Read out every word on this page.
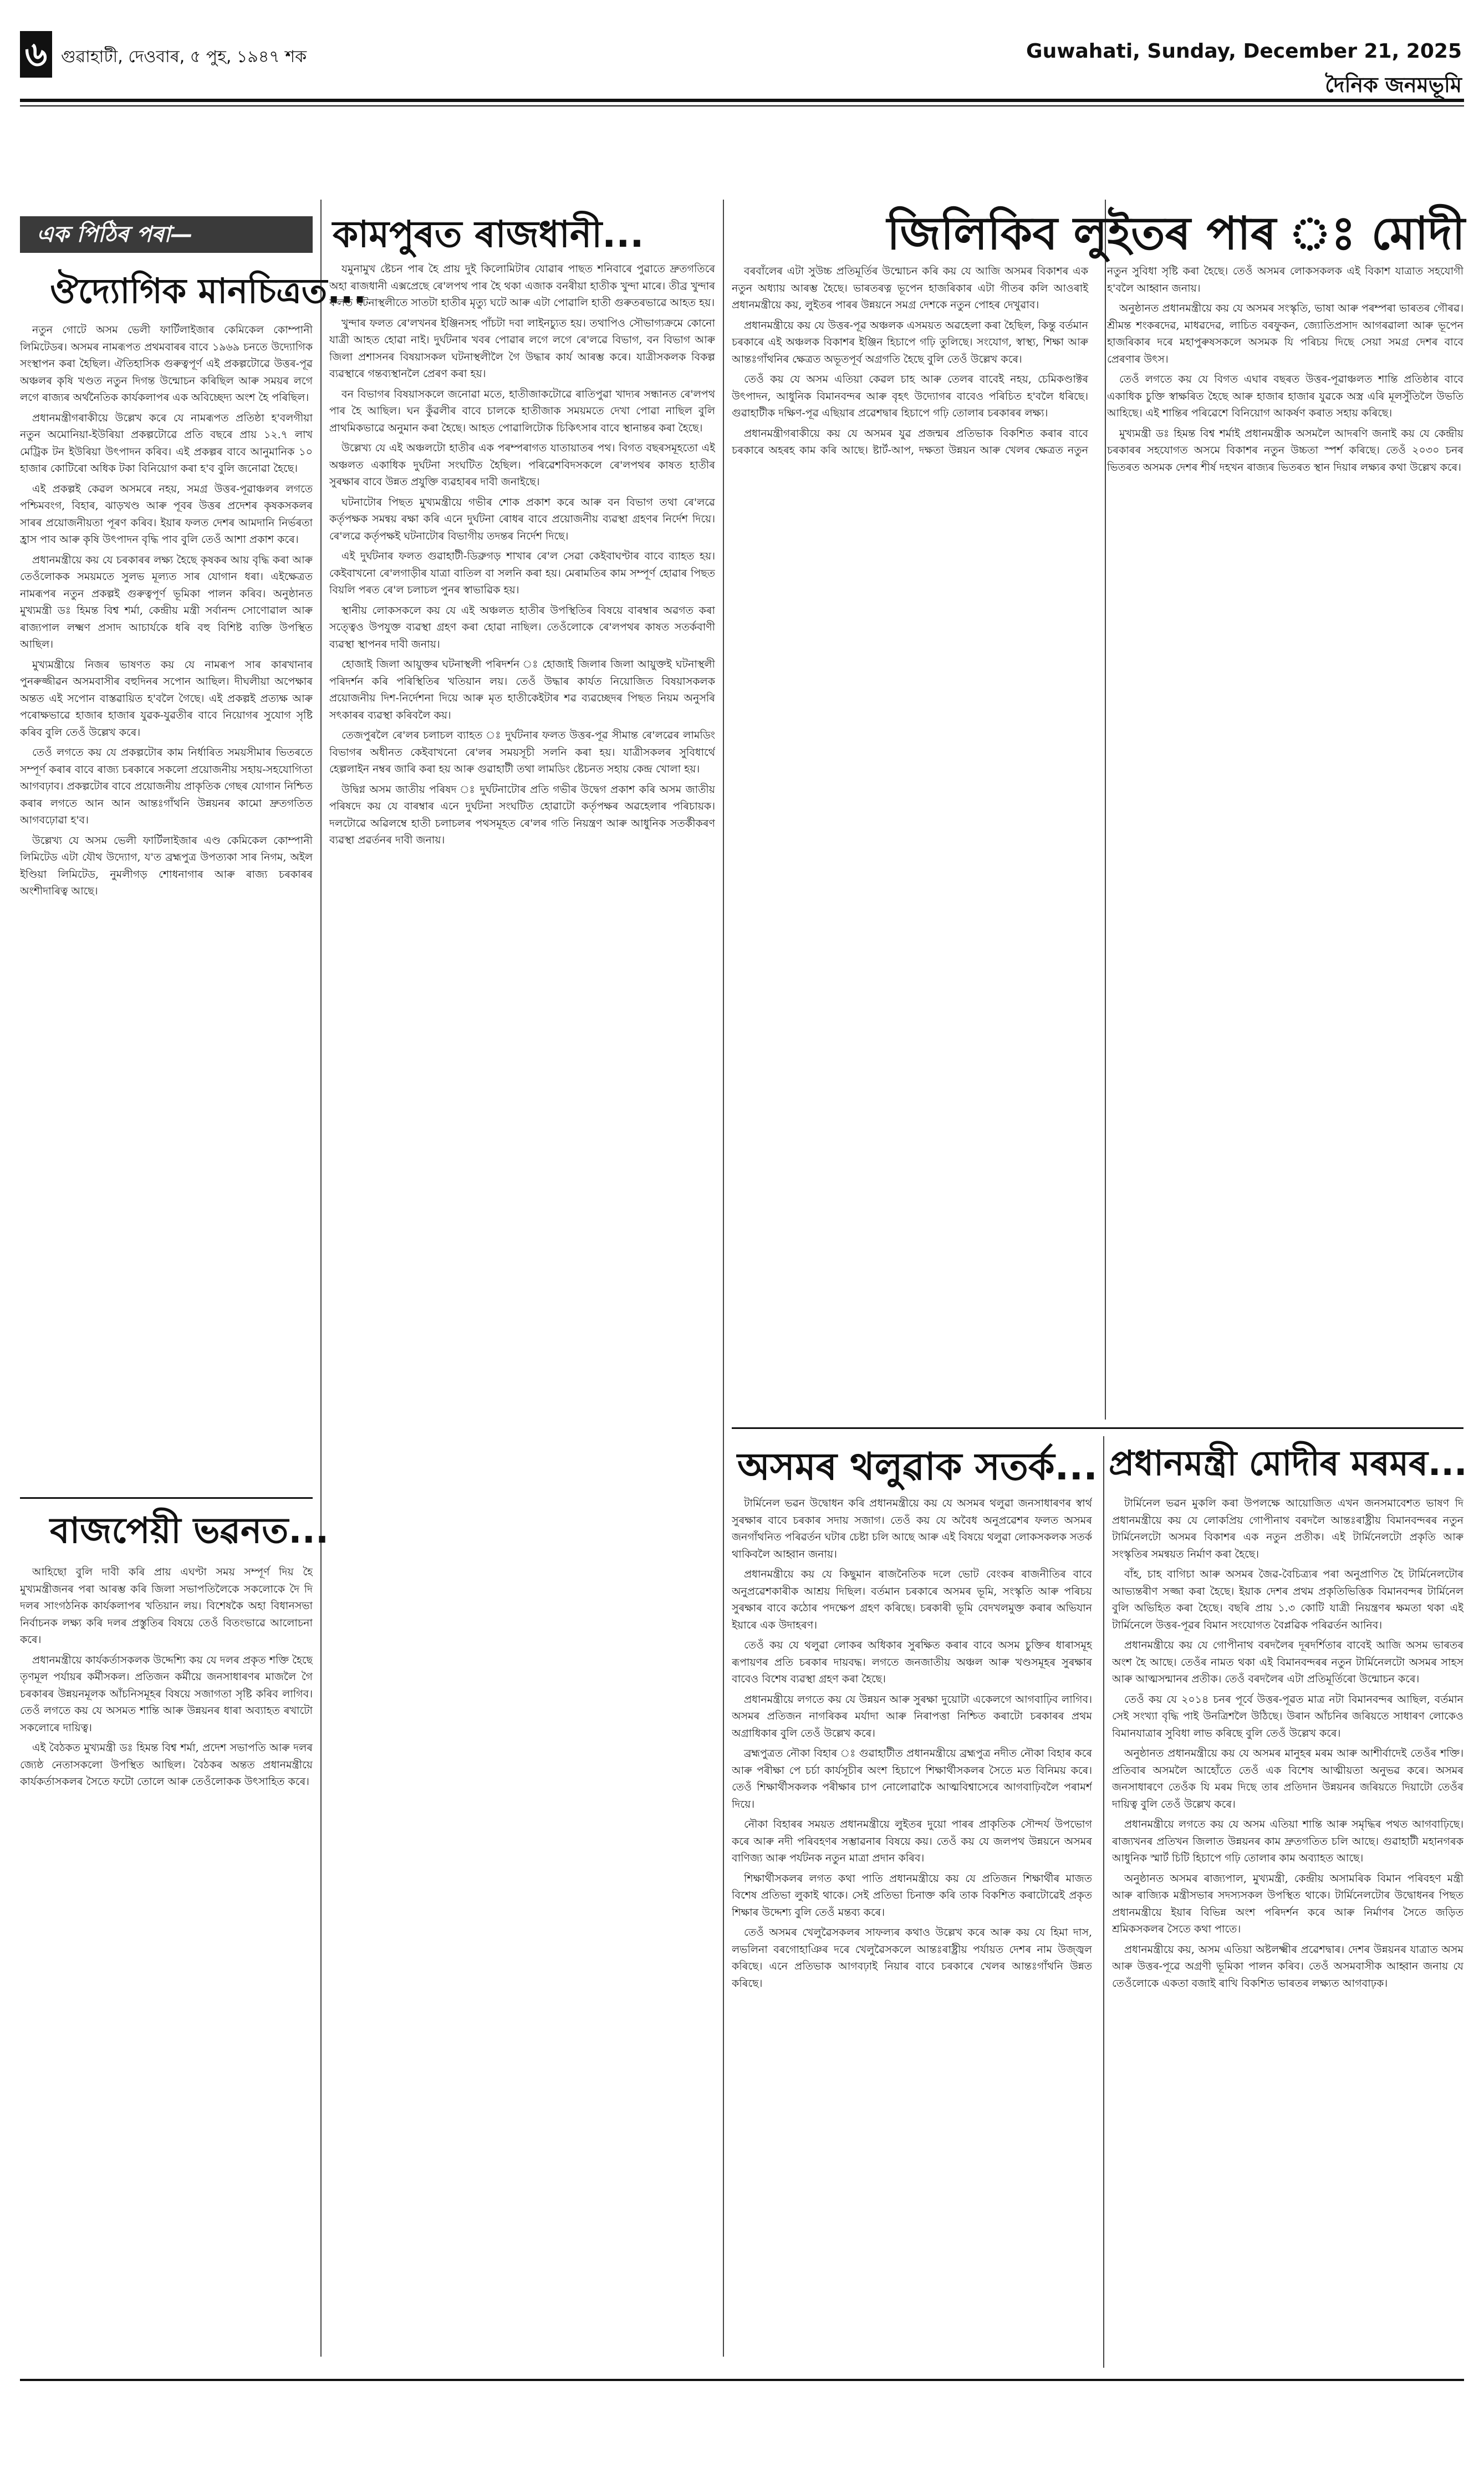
৬ গুৱাহাটী, দেওবাৰ, ৫ পুহ, ১৯৪৭ শক	Guwahati, Sunday, December 21, 2025
দৈনিক জনমভূমি
এক পিঠিৰ পৰা—
ঔদ্যোগিক মানচিত্ৰত...

নতুন গোটে অসম ভেলী ফাৰ্টিলাইজাৰ কেমিকেল কোম্পানী লিমিটেডৰ। অসমৰ নামৰূপত প্ৰথমবাৰৰ বাবে ১৯৬৯ চনতে উদ্যোগিক সংস্থাপন কৰা হৈছিল। ঐতিহাসিক গুৰুত্বপূৰ্ণ এই প্ৰকল্পটোৱে উত্তৰ-পূৱ অঞ্চলৰ কৃষি খণ্ডত নতুন দিগন্ত উন্মোচন কৰিছিল আৰু সময়ৰ লগে লগে ৰাজ্যৰ অৰ্থনৈতিক কাৰ্যকলাপৰ এক অবিচ্ছেদ্য অংশ হৈ পৰিছিল।

প্ৰধানমন্ত্ৰীগৰাকীয়ে উল্লেখ কৰে যে নামৰূপত প্ৰতিষ্ঠা হ'বলগীয়া নতুন অমোনিয়া-ইউৰিয়া প্ৰকল্পটোৱে প্ৰতি বছৰে প্ৰায় ১২.৭ লাখ মেট্ৰিক টন ইউৰিয়া উৎপাদন কৰিব। এই প্ৰকল্পৰ বাবে আনুমানিক ১০ হাজাৰ কোটিৰো অধিক টকা বিনিয়োগ কৰা হ'ব বুলি জনোৱা হৈছে।

এই প্ৰকল্পই কেৱল অসমৰে নহয়, সমগ্ৰ উত্তৰ-পূৱাঞ্চলৰ লগতে পশ্চিমবংগ, বিহাৰ, ঝাড়খণ্ড আৰু পূবৰ উত্তৰ প্ৰদেশৰ কৃষকসকলৰ সাৰৰ প্ৰয়োজনীয়তা পূৰণ কৰিব। ইয়াৰ ফলত দেশৰ আমদানি নিৰ্ভৰতা হ্ৰাস পাব আৰু কৃষি উৎপাদন বৃদ্ধি পাব বুলি তেওঁ আশা প্ৰকাশ কৰে।

প্ৰধানমন্ত্ৰীয়ে কয় যে চৰকাৰৰ লক্ষ্য হৈছে কৃষকৰ আয় বৃদ্ধি কৰা আৰু তেওঁলোকক সময়মতে সুলভ মূল্যত সাৰ যোগান ধৰা। এইক্ষেত্ৰত নামৰূপৰ নতুন প্ৰকল্পই গুৰুত্বপূৰ্ণ ভূমিকা পালন কৰিব। অনুষ্ঠানত মুখ্যমন্ত্ৰী ডঃ হিমন্ত বিশ্ব শৰ্মা, কেন্দ্ৰীয় মন্ত্ৰী সৰ্বানন্দ সোণোৱাল আৰু ৰাজ্যপাল লক্ষ্মণ প্ৰসাদ আচাৰ্যকে ধৰি বহু বিশিষ্ট ব্যক্তি উপস্থিত আছিল।

মুখ্যমন্ত্ৰীয়ে নিজৰ ভাষণত কয় যে নামৰূপ সাৰ কাৰখানাৰ পুনৰুজ্জীৱন অসমবাসীৰ বহুদিনৰ সপোন আছিল। দীঘলীয়া অপেক্ষাৰ অন্তত এই সপোন বাস্তৱায়িত হ'বলৈ গৈছে। এই প্ৰকল্পই প্ৰত্যক্ষ আৰু পৰোক্ষভাৱে হাজাৰ হাজাৰ যুৱক-যুৱতীৰ বাবে নিয়োগৰ সুযোগ সৃষ্টি কৰিব বুলি তেওঁ উল্লেখ কৰে।

তেওঁ লগতে কয় যে প্ৰকল্পটোৰ কাম নিৰ্ধাৰিত সময়সীমাৰ ভিতৰতে সম্পূৰ্ণ কৰাৰ বাবে ৰাজ্য চৰকাৰে সকলো প্ৰয়োজনীয় সহায়-সহযোগিতা আগবঢ়াব। প্ৰকল্পটোৰ বাবে প্ৰয়োজনীয় প্ৰাকৃতিক গেছৰ যোগান নিশ্চিত কৰাৰ লগতে আন আন আন্তঃগাঁথনি উন্নয়নৰ কামো দ্ৰুতগতিত আগবঢ়োৱা হ'ব।

উল্লেখ্য যে অসম ভেলী ফাৰ্টিলাইজাৰ এণ্ড কেমিকেল কোম্পানী লিমিটেড এটা যৌথ উদ্যোগ, য'ত ব্ৰহ্মপুত্ৰ উপত্যকা সাৰ নিগম, অইল ইণ্ডিয়া লিমিটেড, নুমলীগড় শোধনাগাৰ আৰু ৰাজ্য চৰকাৰৰ অংশীদাৰিত্ব আছে।

বাজপেয়ী ভৱনত...

আহিছো বুলি দাবী কৰি প্ৰায় এঘণ্টা সময় সম্পূৰ্ণ দিয় হৈ মুখ্যমন্ত্ৰীজনৰ পৰা আৰম্ভ কৰি জিলা সভাপতিলৈকে সকলোকে দৈ দি দলৰ সাংগঠনিক কাৰ্যকলাপৰ খতিয়ান লয়। বিশেষকৈ অহা বিধানসভা নিৰ্বাচনক লক্ষ্য কৰি দলৰ প্ৰস্তুতিৰ বিষয়ে তেওঁ বিতংভাৱে আলোচনা কৰে।

প্ৰধানমন্ত্ৰীয়ে কাৰ্যকৰ্তাসকলক উদ্দেশ্যি কয় যে দলৰ প্ৰকৃত শক্তি হৈছে তৃণমূল পৰ্যায়ৰ কৰ্মীসকল। প্ৰতিজন কৰ্মীয়ে জনসাধাৰণৰ মাজলৈ গৈ চৰকাৰৰ উন্নয়নমূলক আঁচনিসমূহৰ বিষয়ে সজাগতা সৃষ্টি কৰিব লাগিব। তেওঁ লগতে কয় যে অসমত শান্তি আৰু উন্নয়নৰ ধাৰা অব্যাহত ৰখাটো সকলোৰে দায়িত্ব।

এই বৈঠকত মুখ্যমন্ত্ৰী ডঃ হিমন্ত বিশ্ব শৰ্মা, প্ৰদেশ সভাপতি আৰু দলৰ জ্যেষ্ঠ নেতাসকলো উপস্থিত আছিল। বৈঠকৰ অন্তত প্ৰধানমন্ত্ৰীয়ে কাৰ্যকৰ্তাসকলৰ সৈতে ফটো তোলে আৰু তেওঁলোকক উৎসাহিত কৰে।

কামপুৰত ৰাজধানী...

যমুনামুখ ষ্টেচন পাৰ হৈ প্ৰায় দুই কিলোমিটাৰ যোৱাৰ পাছত শনিবাৰে পুৱাতে দ্ৰুতগতিৰে অহা ৰাজধানী এক্সপ্ৰেছে ৰে'লপথ পাৰ হৈ থকা এজাক বনৰীয়া হাতীক খুন্দা মাৰে। তীব্ৰ খুন্দাৰ ফলত ঘটনাস্থলীতে সাতটা হাতীৰ মৃত্যু ঘটে আৰু এটা পোৱালি হাতী গুৰুতৰভাৱে আহত হয়।

খুন্দাৰ ফলত ৰে'লখনৰ ইঞ্জিনসহ পাঁচটা দবা লাইনচ্যুত হয়। তথাপিও সৌভাগ্যক্ৰমে কোনো যাত্ৰী আহত হোৱা নাই। দুৰ্ঘটনাৰ খবৰ পোৱাৰ লগে লগে ৰে'লৱে বিভাগ, বন বিভাগ আৰু জিলা প্ৰশাসনৰ বিষয়াসকল ঘটনাস্থলীলৈ গৈ উদ্ধাৰ কাৰ্য আৰম্ভ কৰে। যাত্ৰীসকলক বিকল্প ব্যৱস্থাৰে গন্তব্যস্থানলৈ প্ৰেৰণ কৰা হয়।

বন বিভাগৰ বিষয়াসকলে জনোৱা মতে, হাতীজাকটোৱে ৰাতিপুৱা খাদ্যৰ সন্ধানত ৰে'লপথ পাৰ হৈ আছিল। ঘন কুঁৱলীৰ বাবে চালকে হাতীজাক সময়মতে দেখা পোৱা নাছিল বুলি প্ৰাথমিকভাৱে অনুমান কৰা হৈছে। আহত পোৱালিটোক চিকিৎসাৰ বাবে স্থানান্তৰ কৰা হৈছে।

উল্লেখ্য যে এই অঞ্চলটো হাতীৰ এক পৰম্পৰাগত যাতায়াতৰ পথ। বিগত বছৰসমূহতো এই অঞ্চলত একাধিক দুৰ্ঘটনা সংঘটিত হৈছিল। পৰিৱেশবিদসকলে ৰে'লপথৰ কাষত হাতীৰ সুৰক্ষাৰ বাবে উন্নত প্ৰযুক্তি ব্যৱহাৰৰ দাবী জনাইছে।

ঘটনাটোৰ পিছত মুখ্যমন্ত্ৰীয়ে গভীৰ শোক প্ৰকাশ কৰে আৰু বন বিভাগ তথা ৰে'লৱে কৰ্তৃপক্ষক সমন্বয় ৰক্ষা কৰি এনে দুৰ্ঘটনা ৰোধৰ বাবে প্ৰয়োজনীয় ব্যৱস্থা গ্ৰহণৰ নিৰ্দেশ দিয়ে। ৰে'লৱে কৰ্তৃপক্ষই ঘটনাটোৰ বিভাগীয় তদন্তৰ নিৰ্দেশ দিছে।

এই দুৰ্ঘটনাৰ ফলত গুৱাহাটী-ডিব্ৰুগড় শাখাৰ ৰে'ল সেৱা কেইবাঘণ্টাৰ বাবে ব্যাহত হয়। কেইবাখনো ৰে'লগাড়ীৰ যাত্ৰা বাতিল বা সলনি কৰা হয়। মেৰামতিৰ কাম সম্পূৰ্ণ হোৱাৰ পিছত বিয়লি পৰত ৰে'ল চলাচল পুনৰ স্বাভাৱিক হয়।

স্থানীয় লোকসকলে কয় যে এই অঞ্চলত হাতীৰ উপস্থিতিৰ বিষয়ে বাৰম্বাৰ অৱগত কৰা সত্ত্বেও উপযুক্ত ব্যৱস্থা গ্ৰহণ কৰা হোৱা নাছিল। তেওঁলোকে ৰে'লপথৰ কাষত সতৰ্কবাণী ব্যৱস্থা স্থাপনৰ দাবী জনায়।

হোজাই জিলা আয়ুক্তৰ ঘটনাস্থলী পৰিদৰ্শন ঃ হোজাই জিলাৰ জিলা আয়ুক্তই ঘটনাস্থলী পৰিদৰ্শন কৰি পৰিস্থিতিৰ খতিয়ান লয়। তেওঁ উদ্ধাৰ কাৰ্যত নিয়োজিত বিষয়াসকলক প্ৰয়োজনীয় দিশ-নিৰ্দেশনা দিয়ে আৰু মৃত হাতীকেইটাৰ শৱ ব্যৱচ্ছেদৰ পিছত নিয়ম অনুসৰি সৎকাৰৰ ব্যৱস্থা কৰিবলৈ কয়।

তেজপুৰলৈ ৰে'লৰ চলাচল ব্যাহত ঃ দুৰ্ঘটনাৰ ফলত উত্তৰ-পূৱ সীমান্ত ৰে'লৱেৰ লামডিং বিভাগৰ অধীনত কেইবাখনো ৰে'লৰ সময়সূচী সলনি কৰা হয়। যাত্ৰীসকলৰ সুবিধাৰ্থে হেল্পলাইন নম্বৰ জাৰি কৰা হয় আৰু গুৱাহাটী তথা লামডিং ষ্টেচনত সহায় কেন্দ্ৰ খোলা হয়।

উদ্বিগ্ন অসম জাতীয় পৰিষদ ঃ দুৰ্ঘটনাটোৰ প্ৰতি গভীৰ উদ্বেগ প্ৰকাশ কৰি অসম জাতীয় পৰিষদে কয় যে বাৰম্বাৰ এনে দুৰ্ঘটনা সংঘটিত হোৱাটো কৰ্তৃপক্ষৰ অৱহেলাৰ পৰিচায়ক। দলটোৱে অৱিলম্বে হাতী চলাচলৰ পথসমূহত ৰে'লৰ গতি নিয়ন্ত্ৰণ আৰু আধুনিক সতৰ্কীকৰণ ব্যৱস্থা প্ৰৱৰ্তনৰ দাবী জনায়।

জিলিকিব লুইতৰ পাৰ ঃ মোদী

বৰবাঁলেৰ এটা সুউচ্চ প্ৰতিমূৰ্তিৰ উন্মোচন কৰি কয় যে আজি অসমৰ বিকাশৰ এক নতুন অধ্যায় আৰম্ভ হৈছে। ভাৰতৰত্ন ভূপেন হাজৰিকাৰ এটা গীতৰ কলি আওৰাই প্ৰধানমন্ত্ৰীয়ে কয়, লুইতৰ পাৰৰ উন্নয়নে সমগ্ৰ দেশকে নতুন পোহৰ দেখুৱাব।

প্ৰধানমন্ত্ৰীয়ে কয় যে উত্তৰ-পূৱ অঞ্চলক এসময়ত অৱহেলা কৰা হৈছিল, কিন্তু বৰ্তমান চৰকাৰে এই অঞ্চলক বিকাশৰ ইঞ্জিন হিচাপে গঢ়ি তুলিছে। সংযোগ, স্বাস্থ্য, শিক্ষা আৰু আন্তঃগাঁথনিৰ ক্ষেত্ৰত অভূতপূৰ্ব অগ্ৰগতি হৈছে বুলি তেওঁ উল্লেখ কৰে।

তেওঁ কয় যে অসম এতিয়া কেৱল চাহ আৰু তেলৰ বাবেই নহয়, চেমিকণ্ডাক্টৰ উৎপাদন, আধুনিক বিমানবন্দৰ আৰু বৃহৎ উদ্যোগৰ বাবেও পৰিচিত হ'বলৈ ধৰিছে। গুৱাহাটীক দক্ষিণ-পূৱ এছিয়াৰ প্ৰৱেশদ্বাৰ হিচাপে গঢ়ি তোলাৰ চৰকাৰৰ লক্ষ্য।

প্ৰধানমন্ত্ৰীগৰাকীয়ে কয় যে অসমৰ যুৱ প্ৰজন্মৰ প্ৰতিভাক বিকশিত কৰাৰ বাবে চৰকাৰে অহৰহ কাম কৰি আছে। ষ্টাৰ্ট-আপ, দক্ষতা উন্নয়ন আৰু খেলৰ ক্ষেত্ৰত নতুন নতুন সুবিধা সৃষ্টি কৰা হৈছে। তেওঁ অসমৰ লোকসকলক এই বিকাশ যাত্ৰাত সহযোগী হ'বলৈ আহ্বান জনায়।

অনুষ্ঠানত প্ৰধানমন্ত্ৰীয়ে কয় যে অসমৰ সংস্কৃতি, ভাষা আৰু পৰম্পৰা ভাৰতৰ গৌৰৱ। শ্ৰীমন্ত শংকৰদেৱ, মাধৱদেৱ, লাচিত বৰফুকন, জ্যোতিপ্ৰসাদ আগৰৱালা আৰু ভূপেন হাজৰিকাৰ দৰে মহাপুৰুষসকলে অসমক যি পৰিচয় দিছে সেয়া সমগ্ৰ দেশৰ বাবে প্ৰেৰণাৰ উৎস।

তেওঁ লগতে কয় যে বিগত এঘাৰ বছৰত উত্তৰ-পূৱাঞ্চলত শান্তি প্ৰতিষ্ঠাৰ বাবে একাধিক চুক্তি স্বাক্ষৰিত হৈছে আৰু হাজাৰ হাজাৰ যুৱকে অস্ত্ৰ এৰি মূলসুঁতিলৈ উভতি আহিছে। এই শান্তিৰ পৰিৱেশে বিনিয়োগ আকৰ্ষণ কৰাত সহায় কৰিছে।

মুখ্যমন্ত্ৰী ডঃ হিমন্ত বিশ্ব শৰ্মাই প্ৰধানমন্ত্ৰীক অসমলৈ আদৰণি জনাই কয় যে কেন্দ্ৰীয় চৰকাৰৰ সহযোগত অসমে বিকাশৰ নতুন উচ্চতা স্পৰ্শ কৰিছে। তেওঁ ২০৩০ চনৰ ভিতৰত অসমক দেশৰ শীৰ্ষ দহখন ৰাজ্যৰ ভিতৰত স্থান দিয়াৰ লক্ষ্যৰ কথা উল্লেখ কৰে।

অসমৰ থলুৱাক সতৰ্ক...

টাৰ্মিনেল ভৱন উদ্বোধন কৰি প্ৰধানমন্ত্ৰীয়ে কয় যে অসমৰ থলুৱা জনসাধাৰণৰ স্বাৰ্থ সুৰক্ষাৰ বাবে চৰকাৰ সদায় সজাগ। তেওঁ কয় যে অবৈধ অনুপ্ৰৱেশৰ ফলত অসমৰ জনগাঁথনিত পৰিৱৰ্তন ঘটাৰ চেষ্টা চলি আছে আৰু এই বিষয়ে থলুৱা লোকসকলক সতৰ্ক থাকিবলৈ আহ্বান জনায়।

প্ৰধানমন্ত্ৰীয়ে কয় যে কিছুমান ৰাজনৈতিক দলে ভোট বেংকৰ ৰাজনীতিৰ বাবে অনুপ্ৰৱেশকাৰীক আশ্ৰয় দিছিল। বৰ্তমান চৰকাৰে অসমৰ ভূমি, সংস্কৃতি আৰু পৰিচয় সুৰক্ষাৰ বাবে কঠোৰ পদক্ষেপ গ্ৰহণ কৰিছে। চৰকাৰী ভূমি বেদখলমুক্ত কৰাৰ অভিযান ইয়াৰে এক উদাহৰণ।

তেওঁ কয় যে থলুৱা লোকৰ অধিকাৰ সুৰক্ষিত কৰাৰ বাবে অসম চুক্তিৰ ধাৰাসমূহ ৰূপায়ণৰ প্ৰতি চৰকাৰ দায়বদ্ধ। লগতে জনজাতীয় অঞ্চল আৰু খণ্ডসমূহৰ সুৰক্ষাৰ বাবেও বিশেষ ব্যৱস্থা গ্ৰহণ কৰা হৈছে।

প্ৰধানমন্ত্ৰীয়ে লগতে কয় যে উন্নয়ন আৰু সুৰক্ষা দুয়োটা একেলগে আগবাঢ়িব লাগিব। অসমৰ প্ৰতিজন নাগৰিকৰ মৰ্যাদা আৰু নিৰাপত্তা নিশ্চিত কৰাটো চৰকাৰৰ প্ৰথম অগ্ৰাধিকাৰ বুলি তেওঁ উল্লেখ কৰে।

ব্ৰহ্মপুত্ৰত নৌকা বিহাৰ ঃ গুৱাহাটীত প্ৰধানমন্ত্ৰীয়ে ব্ৰহ্মপুত্ৰ নদীত নৌকা বিহাৰ কৰে আৰু পৰীক্ষা পে চৰ্চা কাৰ্যসূচীৰ অংশ হিচাপে শিক্ষাৰ্থীসকলৰ সৈতে মত বিনিময় কৰে। তেওঁ শিক্ষাৰ্থীসকলক পৰীক্ষাৰ চাপ নোলোৱাকৈ আত্মবিশ্বাসেৰে আগবাঢ়িবলৈ পৰামৰ্শ দিয়ে।

নৌকা বিহাৰৰ সময়ত প্ৰধানমন্ত্ৰীয়ে লুইতৰ দুয়ো পাৰৰ প্ৰাকৃতিক সৌন্দৰ্য উপভোগ কৰে আৰু নদী পৰিবহণৰ সম্ভাৱনাৰ বিষয়ে কয়। তেওঁ কয় যে জলপথ উন্নয়নে অসমৰ বাণিজ্য আৰু পৰ্যটনক নতুন মাত্ৰা প্ৰদান কৰিব।

শিক্ষাৰ্থীসকলৰ লগত কথা পাতি প্ৰধানমন্ত্ৰীয়ে কয় যে প্ৰতিজন শিক্ষাৰ্থীৰ মাজত বিশেষ প্ৰতিভা লুকাই থাকে। সেই প্ৰতিভা চিনাক্ত কৰি তাক বিকশিত কৰাটোৱেই প্ৰকৃত শিক্ষাৰ উদ্দেশ্য বুলি তেওঁ মন্তব্য কৰে।

তেওঁ অসমৰ খেলুৱৈসকলৰ সাফল্যৰ কথাও উল্লেখ কৰে আৰু কয় যে হিমা দাস, লভলিনা বৰগোহাঞিৰ দৰে খেলুৱৈসকলে আন্তঃৰাষ্ট্ৰীয় পৰ্যায়ত দেশৰ নাম উজ্জ্বল কৰিছে। এনে প্ৰতিভাক আগবঢ়াই নিয়াৰ বাবে চৰকাৰে খেলৰ আন্তঃগাঁথনি উন্নত কৰিছে।

প্ৰধানমন্ত্ৰী মোদীৰ মৰমৰ...

টাৰ্মিনেল ভৱন মুকলি কৰা উপলক্ষে আয়োজিত এখন জনসমাবেশত ভাষণ দি প্ৰধানমন্ত্ৰীয়ে কয় যে লোকপ্ৰিয় গোপীনাথ বৰদলৈ আন্তঃৰাষ্ট্ৰীয় বিমানবন্দৰৰ নতুন টাৰ্মিনেলটো অসমৰ বিকাশৰ এক নতুন প্ৰতীক। এই টাৰ্মিনেলটো প্ৰকৃতি আৰু সংস্কৃতিৰ সমন্বয়ত নিৰ্মাণ কৰা হৈছে।

বাঁহ, চাহ বাগিচা আৰু অসমৰ জৈৱ-বৈচিত্ৰ্যৰ পৰা অনুপ্ৰাণিত হৈ টাৰ্মিনেলটোৰ আভ্যন্তৰীণ সজ্জা কৰা হৈছে। ইয়াক দেশৰ প্ৰথম প্ৰকৃতিভিত্তিক বিমানবন্দৰ টাৰ্মিনেল বুলি অভিহিত কৰা হৈছে। বছৰি প্ৰায় ১.৩ কোটি যাত্ৰী নিয়ন্ত্ৰণৰ ক্ষমতা থকা এই টাৰ্মিনেলে উত্তৰ-পূৱৰ বিমান সংযোগত বৈপ্লৱিক পৰিৱৰ্তন আনিব।

প্ৰধানমন্ত্ৰীয়ে কয় যে গোপীনাথ বৰদলৈৰ দূৰদৰ্শিতাৰ বাবেই আজি অসম ভাৰতৰ অংশ হৈ আছে। তেওঁৰ নামত থকা এই বিমানবন্দৰৰ নতুন টাৰ্মিনেলটো অসমৰ সাহস আৰু আত্মসন্মানৰ প্ৰতীক। তেওঁ বৰদলৈৰ এটা প্ৰতিমূৰ্তিৰো উন্মোচন কৰে।

তেওঁ কয় যে ২০১৪ চনৰ পূৰ্বে উত্তৰ-পূৱত মাত্ৰ নটা বিমানবন্দৰ আছিল, বৰ্তমান সেই সংখ্যা বৃদ্ধি পাই উনত্ৰিশলৈ উঠিছে। উৰান আঁচনিৰ জৰিয়তে সাধাৰণ লোকেও বিমানযাত্ৰাৰ সুবিধা লাভ কৰিছে বুলি তেওঁ উল্লেখ কৰে।

অনুষ্ঠানত প্ৰধানমন্ত্ৰীয়ে কয় যে অসমৰ মানুহৰ মৰম আৰু আশীৰ্বাদেই তেওঁৰ শক্তি। প্ৰতিবাৰ অসমলৈ আহোঁতে তেওঁ এক বিশেষ আত্মীয়তা অনুভৱ কৰে। অসমৰ জনসাধাৰণে তেওঁক যি মৰম দিছে তাৰ প্ৰতিদান উন্নয়নৰ জৰিয়তে দিয়াটো তেওঁৰ দায়িত্ব বুলি তেওঁ উল্লেখ কৰে।

প্ৰধানমন্ত্ৰীয়ে লগতে কয় যে অসম এতিয়া শান্তি আৰু সমৃদ্ধিৰ পথত আগবাঢ়িছে। ৰাজ্যখনৰ প্ৰতিখন জিলাত উন্নয়নৰ কাম দ্ৰুতগতিত চলি আছে। গুৱাহাটী মহানগৰক আধুনিক স্মাৰ্ট চিটি হিচাপে গঢ়ি তোলাৰ কাম অব্যাহত আছে।

অনুষ্ঠানত অসমৰ ৰাজ্যপাল, মুখ্যমন্ত্ৰী, কেন্দ্ৰীয় অসামৰিক বিমান পৰিবহণ মন্ত্ৰী আৰু ৰাজ্যিক মন্ত্ৰীসভাৰ সদস্যসকল উপস্থিত থাকে। টাৰ্মিনেলটোৰ উদ্বোধনৰ পিছত প্ৰধানমন্ত্ৰীয়ে ইয়াৰ বিভিন্ন অংশ পৰিদৰ্শন কৰে আৰু নিৰ্মাণৰ সৈতে জড়িত শ্ৰমিকসকলৰ সৈতে কথা পাতে।

প্ৰধানমন্ত্ৰীয়ে কয়, অসম এতিয়া অষ্টলক্ষ্মীৰ প্ৰৱেশদ্বাৰ। দেশৰ উন্নয়নৰ যাত্ৰাত অসম আৰু উত্তৰ-পূৱে অগ্ৰণী ভূমিকা পালন কৰিব। তেওঁ অসমবাসীক আহ্বান জনায় যে তেওঁলোকে একতা বজাই ৰাখি বিকশিত ভাৰতৰ লক্ষ্যত আগবাঢ়ক।
